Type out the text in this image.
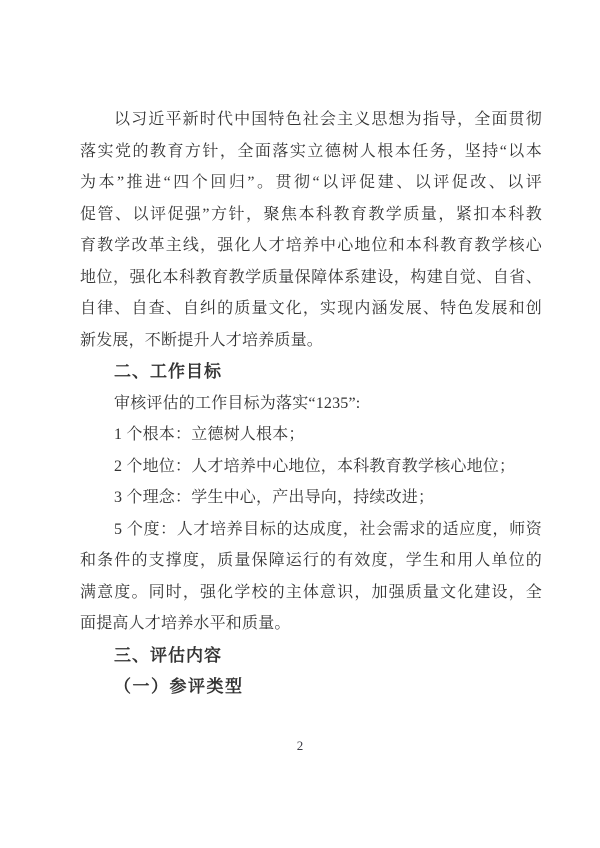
以习近平新时代中国特色社会主义思想为指导，全面贯彻
落实党的教育方针，全面落实立德树人根本任务，坚持“以本
为本”推进“四个回归”。贯彻“以评促建、以评促改、以评
促管、以评促强”方针，聚焦本科教育教学质量，紧扣本科教
育教学改革主线，强化人才培养中心地位和本科教育教学核心
地位，强化本科教育教学质量保障体系建设，构建自觉、自省、
自律、自查、自纠的质量文化，实现内涵发展、特色发展和创
新发展，不断提升人才培养质量。
二、工作目标
审核评估的工作目标为落实“1235”:
1 个根本：立德树人根本；
2 个地位：人才培养中心地位，本科教育教学核心地位；
3 个理念：学生中心，产出导向，持续改进；
5 个度：人才培养目标的达成度，社会需求的适应度，师资
和条件的支撑度，质量保障运行的有效度，学生和用人单位的
满意度。同时，强化学校的主体意识，加强质量文化建设，全
面提高人才培养水平和质量。
三、评估内容
（一）参评类型
2
